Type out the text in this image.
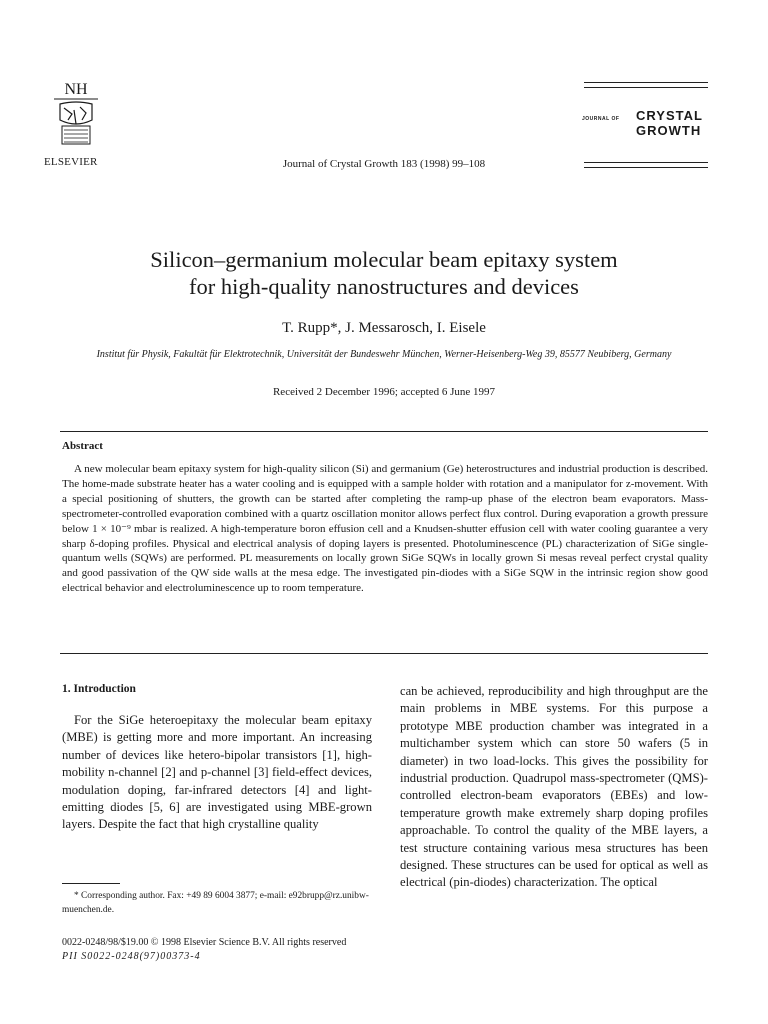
NH
ELSEVIER	Journal of Crystal Growth 183 (1998) 99–108
JOURNAL OF CRYSTAL
GROWTH
Silicon–germanium molecular beam epitaxy system
for high-quality nanostructures and devices
T. Rupp*, J. Messarosch, I. Eisele
Institut für Physik, Fakultät für Elektrotechnik, Universität der Bundeswehr München, Werner-Heisenberg-Weg 39, 85577 Neubiberg, Germany
Received 2 December 1996; accepted 6 June 1997
Abstract
A new molecular beam epitaxy system for high-quality silicon (Si) and germanium (Ge) heterostructures and industrial production is described. The home-made substrate heater has a water cooling and is equipped with a sample holder with rotation and a manipulator for z-movement. With a special positioning of shutters, the growth can be started after completing the ramp-up phase of the electron beam evaporators. Mass-spectrometer-controlled evaporation combined with a quartz oscillation monitor allows perfect flux control. During evaporation a growth pressure below 1 × 10⁻⁹ mbar is realized. A high-temperature boron effusion cell and a Knudsen-shutter effusion cell with water cooling guarantee a very sharp δ-doping profiles. Physical and electrical analysis of doping layers is presented. Photoluminescence (PL) characterization of SiGe single-quantum wells (SQWs) are performed. PL measurements on locally grown SiGe SQWs in locally grown Si mesas reveal perfect crystal quality and good passivation of the QW side walls at the mesa edge. The investigated pin-diodes with a SiGe SQW in the intrinsic region show good electrical behavior and electroluminescence up to room temperature.
1. Introduction
For the SiGe heteroepitaxy the molecular beam epitaxy (MBE) is getting more and more important. An increasing number of devices like hetero-bipolar transistors [1], high-mobility n-channel [2] and p-channel [3] field-effect devices, modulation doping, far-infrared detectors [4] and light-emitting diodes [5, 6] are investigated using MBE-grown layers. Despite the fact that high crystalline quality
can be achieved, reproducibility and high throughput are the main problems in MBE systems. For this purpose a prototype MBE production chamber was integrated in a multichamber system which can store 50 wafers (5 in diameter) in two load-locks. This gives the possibility for industrial production. Quadrupol mass-spectrometer (QMS)-controlled electron-beam evaporators (EBEs) and low-temperature growth make extremely sharp doping profiles approachable. To control the quality of the MBE layers, a test structure containing various mesa structures has been designed. These structures can be used for optical as well as electrical (pin-diodes) characterization. The optical
* Corresponding author. Fax: +49 89 6004 3877; e-mail: e92brupp@rz.unibw-muenchen.de.
0022-0248/98/$19.00 © 1998 Elsevier Science B.V. All rights reserved
PII S0022-0248(97)00373-4
